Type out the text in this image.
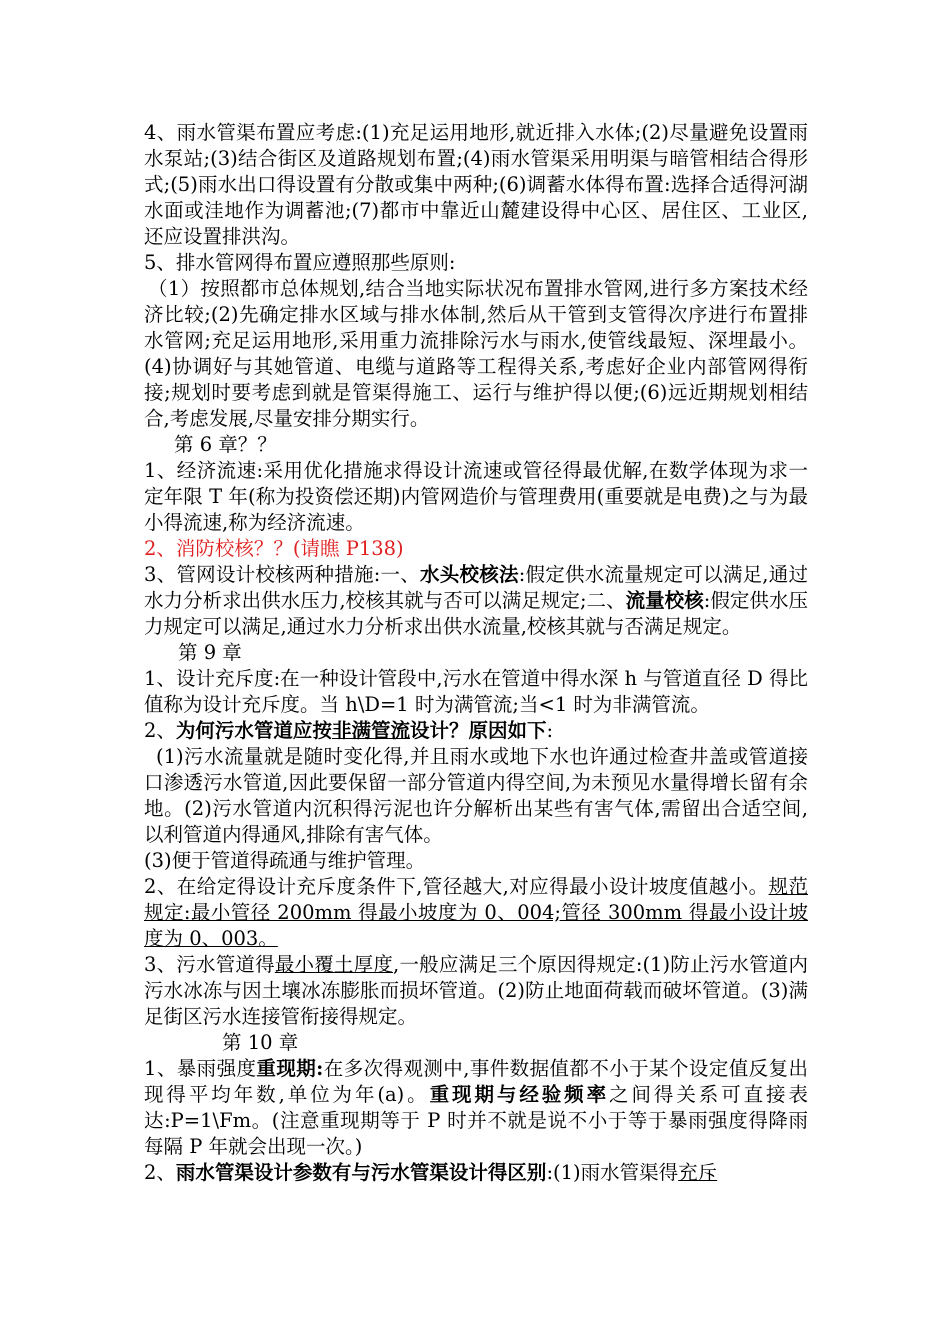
4、雨水管渠布置应考虑:(1)充足运用地形,就近排入水体;(2)尽量避免设置雨水泵站;(3)结合街区及道路规划布置;(4)雨水管渠采用明渠与暗管相结合得形式;(5)雨水出口得设置有分散或集中两种;(6)调蓄水体得布置:选择合适得河湖水面或洼地作为调蓄池;(7)都市中靠近山麓建设得中心区、居住区、工业区,还应设置排洪沟。

5、排水管网得布置应遵照那些原则:

（1）按照都市总体规划,结合当地实际状况布置排水管网,进行多方案技术经济比较;(2)先确定排水区域与排水体制,然后从干管到支管得次序进行布置排水管网;充足运用地形,采用重力流排除污水与雨水,使管线最短、深埋最小。(4)协调好与其她管道、电缆与道路等工程得关系,考虑好企业内部管网得衔接;规划时要考虑到就是管渠得施工、运行与维护得以便;(6)远近期规划相结合,考虑发展,尽量安排分期实行。

第 6 章？？

1、经济流速:采用优化措施求得设计流速或管径得最优解,在数学体现为求一定年限 T 年(称为投资偿还期)内管网造价与管理费用(重要就是电费)之与为最小得流速,称为经济流速。

2、消防校核？？(请瞧 P138)

3、管网设计校核两种措施:一、水头校核法:假定供水流量规定可以满足,通过水力分析求出供水压力,校核其就与否可以满足规定;二、流量校核:假定供水压力规定可以满足,通过水力分析求出供水流量,校核其就与否满足规定。

第 9 章

1、设计充斥度:在一种设计管段中,污水在管道中得水深 h 与管道直径 D 得比值称为设计充斥度。当 h\D=1 时为满管流;当<1 时为非满管流。

2、为何污水管道应按非满管流设计？原因如下:

(1)污水流量就是随时变化得,并且雨水或地下水也许通过检查井盖或管道接口渗透污水管道,因此要保留一部分管道内得空间,为未预见水量得增长留有余地。(2)污水管道内沉积得污泥也许分解析出某些有害气体,需留出合适空间,以利管道内得通风,排除有害气体。

(3)便于管道得疏通与维护管理。

2、在给定得设计充斥度条件下,管径越大,对应得最小设计坡度值越小。规范规定:最小管径 200mm 得最小坡度为 0、004;管径 300mm 得最小设计坡度为 0、003。

3、污水管道得最小覆土厚度,一般应满足三个原因得规定:(1)防止污水管道内污水冰冻与因土壤冰冻膨胀而损坏管道。(2)防止地面荷载而破坏管道。(3)满足街区污水连接管衔接得规定。

第 10 章

1、暴雨强度重现期:在多次得观测中,事件数据值都不小于某个设定值反复出现得平均年数,单位为年(a)。重现期与经验频率之间得关系可直接表达:P=1\Fm。(注意重现期等于 P 时并不就是说不小于等于暴雨强度得降雨每隔 P 年就会出现一次。)

2、雨水管渠设计参数有与污水管渠设计得区别:(1)雨水管渠得充斥
